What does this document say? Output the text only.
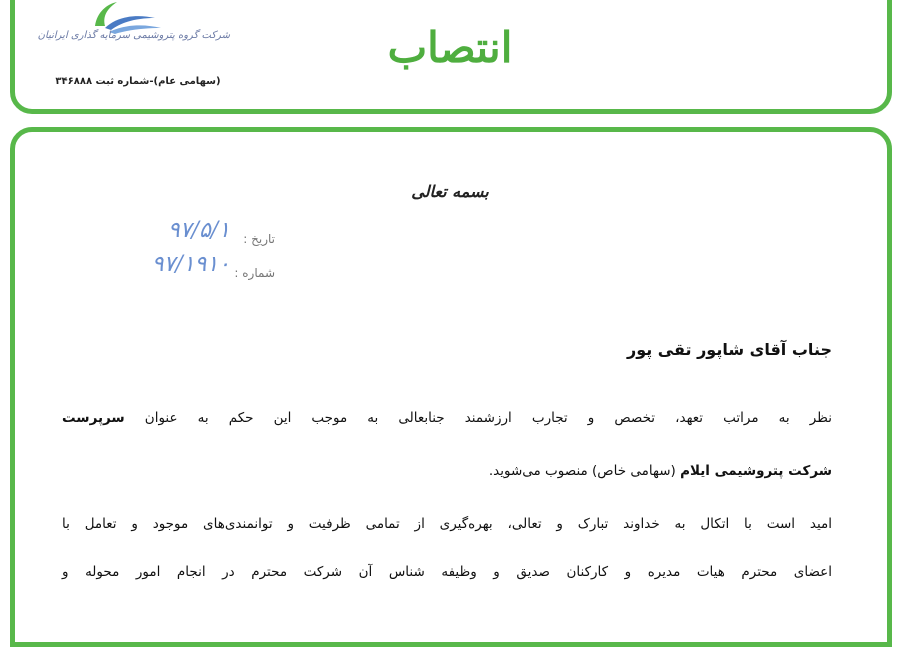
شرکت گروه پتروشیمی سرمایه گذاری ایرانیان
(سهامی عام)-شماره ثبت ۳۴۶۸۸۸
انتصاب
بسمه تعالی
تاریخ :
۹۷/۵/۱
شماره :
۹۷/۱۹۱۰
جناب آقای شاپور تقی پور
نظر به مراتب تعهد، تخصص و تجارب ارزشمند جنابعالی به موجب این حکم به عنوان سرپرست
شرکت پتروشیمی ایلام (سهامی خاص) منصوب می‌شوید.
امید است با اتکال به خداوند تبارک و تعالی، بهره‌گیری از تمامی ظرفیت و توانمندی‌های موجود و تعامل با
اعضای محترم هیات مدیره و کارکنان صدیق و وظیفه شناس آن شرکت محترم در انجام امور محوله و
